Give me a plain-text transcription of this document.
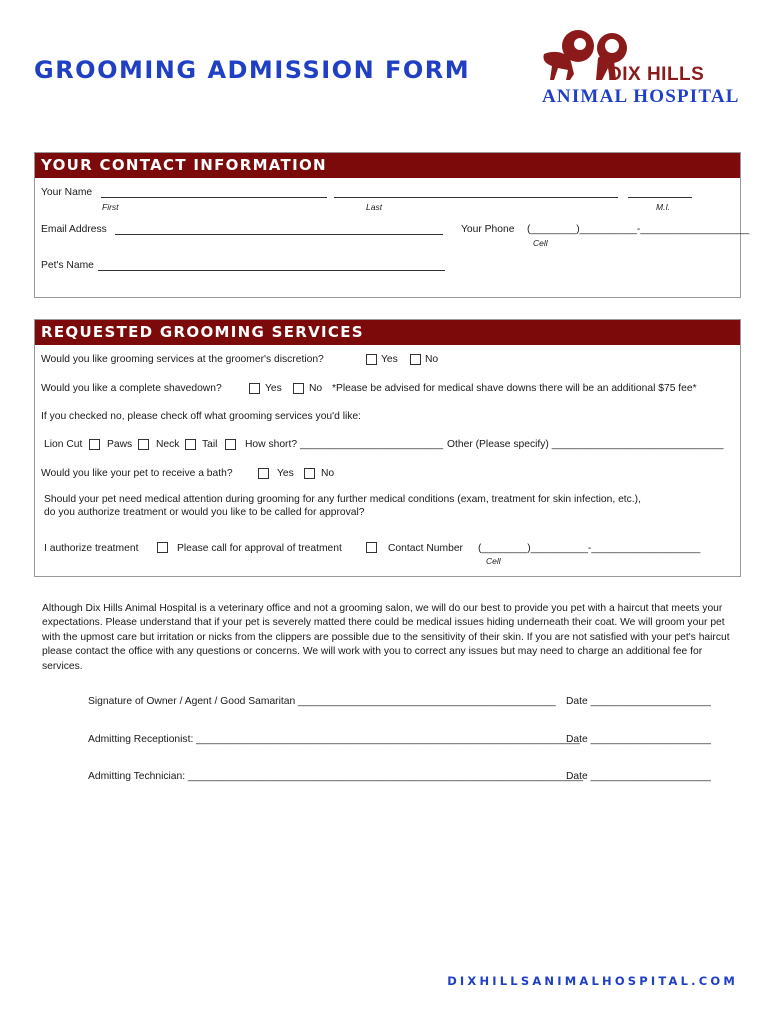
GROOMING ADMISSION FORM	DIX HILLS
ANIMAL HOSPITAL
YOUR CONTACT INFORMATION
Your Name
First	Last	M.I.
Email Address	Your Phone (________)__________-___________________
Cell
Pet's Name
REQUESTED GROOMING SERVICES
Would you like grooming services at the groomer's discretion?	Yes	No
Would you like a complete shavedown?	Yes	No *Please be advised for medical shave downs there will be an additional $75 fee*
If you checked no, please check off what grooming services you'd like:
Lion Cut Paws Neck Tail	How short? _________________________ Other (Please specify) ______________________________
Would you like your pet to receive a bath?	Yes	No
Should your pet need medical attention during grooming for any further medical conditions (exam, treatment for skin infection, etc.),
do you authorize treatment or would you like to be called for approval?
I authorize treatment	Please call for approval of treatment	Contact Number (________)__________-___________________
Cell
Although Dix Hills Animal Hospital is a veterinary office and not a grooming salon, we will do our best to provide you pet with a haircut that meets your expectations. Please understand that if your pet is severely matted there could be medical issues hiding underneath their coat. We will groom your pet with the upmost care but irritation or nicks from the clippers are possible due to the sensitivity of their skin. If you are not satisfied with your pet's haircut please contact the office with any questions or concerns. We will work with you to correct any issues but may need to charge an additional fee for services.
Signature of Owner / Agent / Good Samaritan _____________________________________________ Date _____________________
Admitting Receptionist: ___________________________________________________________________
Date _____________________
Admitting Technician: _____________________________________________________________________
Date _____________________
DIXHILLSANIMALHOSPITAL.COM
